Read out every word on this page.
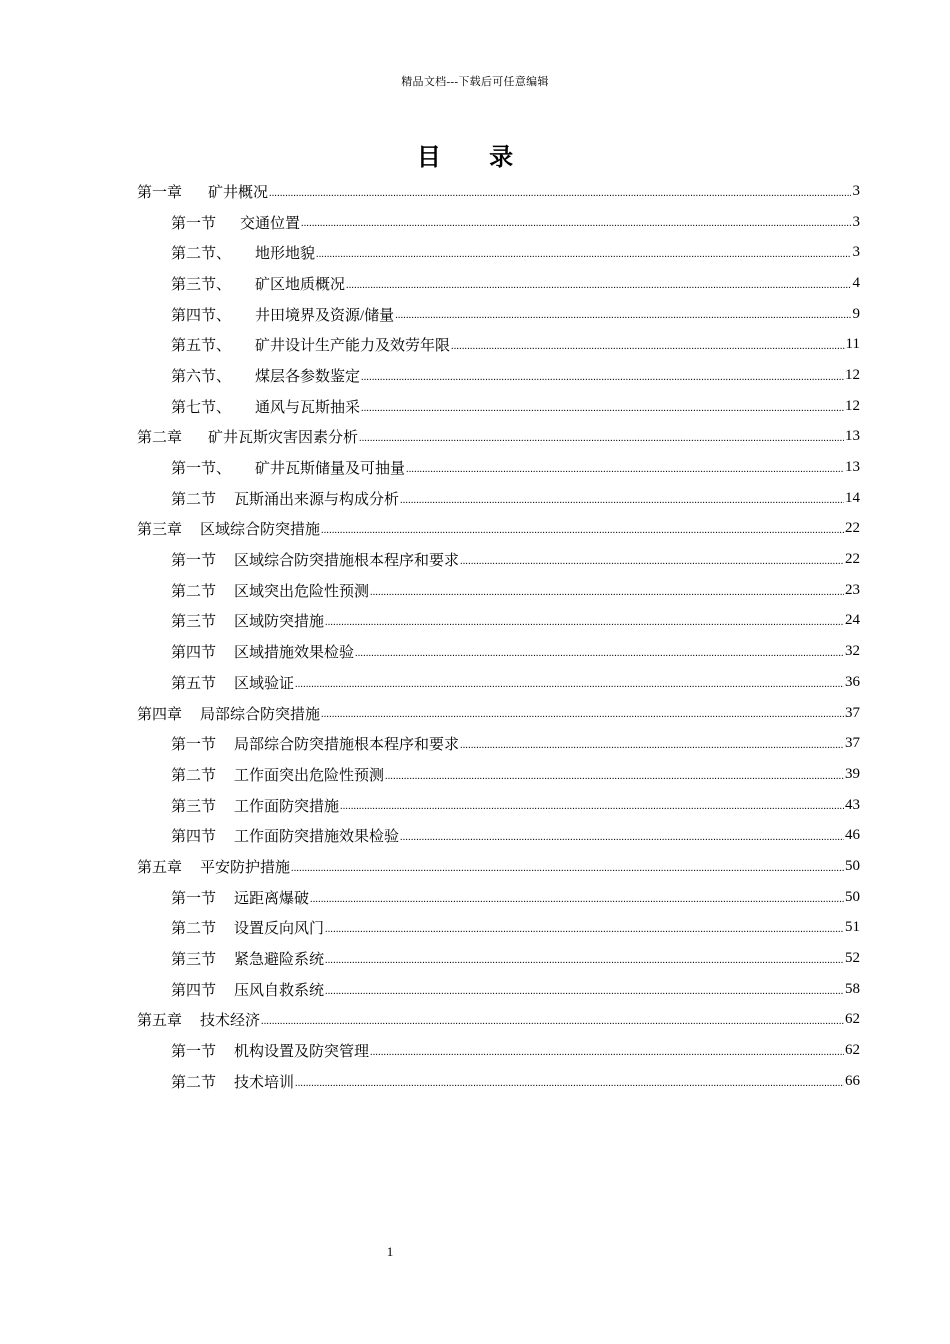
精品文档---下载后可任意编辑
目 录
第一章 矿井概况 .....	3
第一节 交通位置 .....	3
第二节、 地形地貌 .....	3
第三节、 矿区地质概况 .....	4
第四节、 井田境界及资源/储量 .....	9
第五节、 矿井设计生产能力及效劳年限 .....	11
第六节、 煤层各参数鉴定 .....	12
第七节、 通风与瓦斯抽采 .....	12
第二章 矿井瓦斯灾害因素分析 .....	13
第一节、 矿井瓦斯储量及可抽量 .....	13
第二节 瓦斯涌出来源与构成分析 .....	14
第三章 区域综合防突措施 .....	22
第一节 区域综合防突措施根本程序和要求 .....	22
第二节 区域突出危险性预测 .....	23
第三节 区域防突措施 .....	24
第四节 区域措施效果检验 .....	32
第五节 区域验证 .....	36
第四章 局部综合防突措施 .....	37
第一节 局部综合防突措施根本程序和要求 .....	37
第二节 工作面突出危险性预测 .....	39
第三节 工作面防突措施 .....	43
第四节 工作面防突措施效果检验 .....	46
第五章 平安防护措施 .....	50
第一节 远距离爆破 .....	50
第二节 设置反向风门 .....	51
第三节 紧急避险系统 .....	52
第四节 压风自救系统 .....	58
第五章 技术经济 .....	62
第一节 机构设置及防突管理 .....	62
第二节 技术培训 .....	66
1
